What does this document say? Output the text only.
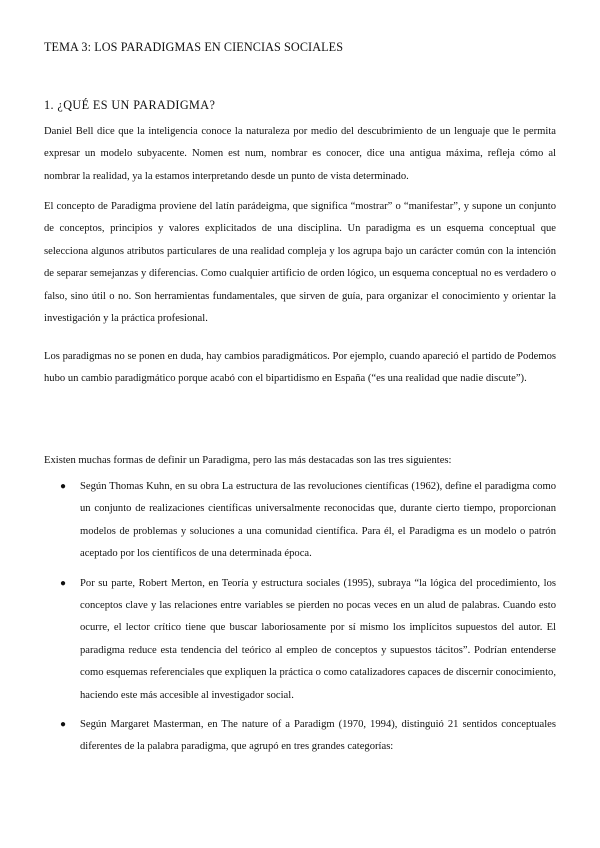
TEMA 3: LOS PARADIGMAS EN CIENCIAS SOCIALES
1. ¿QUÉ ES UN PARADIGMA?
Daniel Bell dice que la inteligencia conoce la naturaleza por medio del descubrimiento de un lenguaje que le permita expresar un modelo subyacente. Nomen est num, nombrar es conocer, dice una antigua máxima, refleja cómo al nombrar la realidad, ya la estamos interpretando desde un punto de vista determinado.
El concepto de Paradigma proviene del latín parádeigma, que significa “mostrar” o “manifestar”, y supone un conjunto de conceptos, principios y valores explicitados de una disciplina. Un paradigma es un esquema conceptual que selecciona algunos atributos particulares de una realidad compleja y los agrupa bajo un carácter común con la intención de separar semejanzas y diferencias. Como cualquier artificio de orden lógico, un esquema conceptual no es verdadero o falso, sino útil o no. Son herramientas fundamentales, que sirven de guía, para organizar el conocimiento y orientar la investigación y la práctica profesional.
Los paradigmas no se ponen en duda, hay cambios paradigmáticos. Por ejemplo, cuando apareció el partido de Podemos hubo un cambio paradigmático porque acabó con el bipartidismo en España (“es una realidad que nadie discute”).
Existen muchas formas de definir un Paradigma, pero las más destacadas son las tres siguientes:
● Según Thomas Kuhn, en su obra La estructura de las revoluciones científicas (1962), define el paradigma como un conjunto de realizaciones científicas universalmente reconocidas que, durante cierto tiempo, proporcionan modelos de problemas y soluciones a una comunidad científica. Para él, el Paradigma es un modelo o patrón aceptado por los científicos de una determinada época.
● Por su parte, Robert Merton, en Teoría y estructura sociales (1995), subraya “la lógica del procedimiento, los conceptos clave y las relaciones entre variables se pierden no pocas veces en un alud de palabras. Cuando esto ocurre, el lector crítico tiene que buscar laboriosamente por sí mismo los implícitos supuestos del autor. El paradigma reduce esta tendencia del teórico al empleo de conceptos y supuestos tácitos”. Podrían entenderse como esquemas referenciales que expliquen la práctica o como catalizadores capaces de discernir conocimiento, haciendo este más accesible al investigador social.
● Según Margaret Masterman, en The nature of a Paradigm (1970, 1994), distinguió 21 sentidos conceptuales diferentes de la palabra paradigma, que agrupó en tres grandes categorías:
